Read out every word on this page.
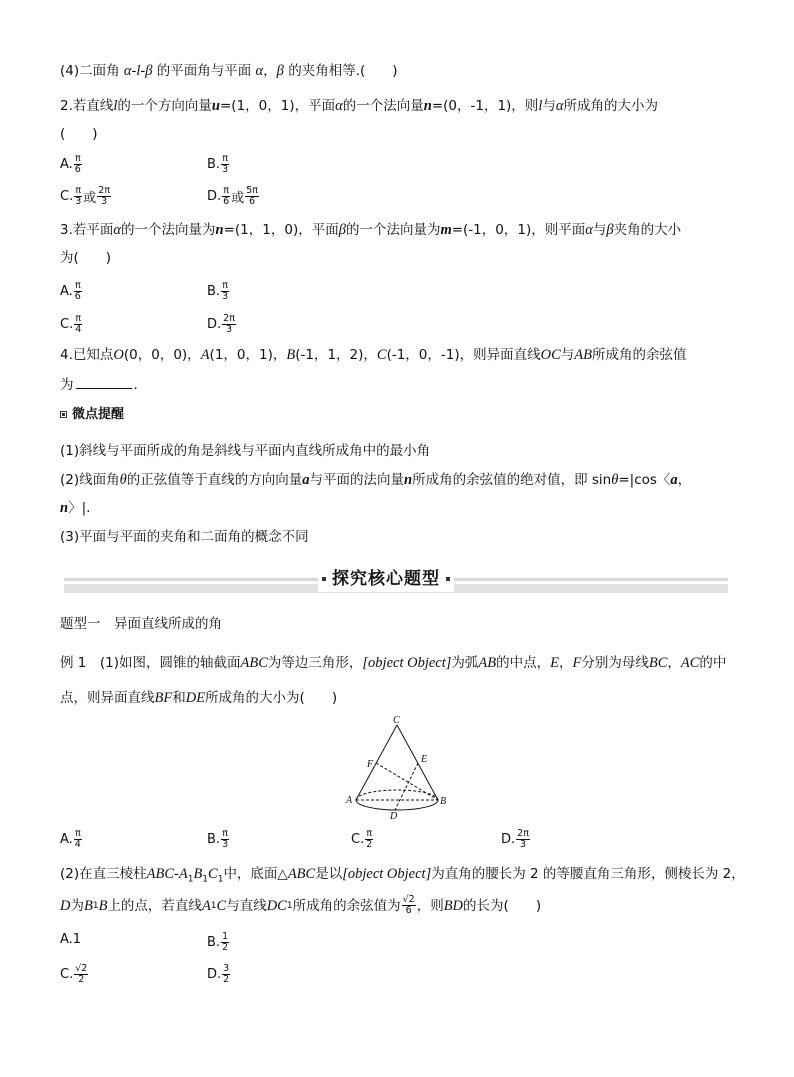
(4)二面角 α-l-β 的平面角与平面 α，β 的夹角相等.(　　)
2.若直线l的一个方向向量u=(1，0，1)，平面α的一个法向量n=(0，-1，1)，则l与α所成角的大小为
(　　)
A. $\frac{\pi}{6}$	B. $\frac{\pi}{3}$
C. $\frac{\pi}{3}$ 或 $\frac{2\pi}{3}$	D. $\frac{\pi}{6}$ 或 $\frac{5\pi}{6}$
3.若平面α的一个法向量为n=(1，1，0)，平面β的一个法向量为m=(-1，0，1)，则平面α与β夹角的大小
为(　　)
A. $\frac{\pi}{6}$	B. $\frac{\pi}{3}$
C. $\frac{\pi}{4}$	D. $\frac{2\pi}{3}$
4.已知点O(0，0，0)，A(1，0，1)，B(-1，1，2)，C(-1，0，-1)，则异面直线OC与AB所成角的余弦值
为	.
微点提醒
(1)斜线与平面所成的角是斜线与平面内直线所成角中的最小角
(2)线面角θ的正弦值等于直线的方向向量a与平面的法向量n所成角的余弦值的绝对值，即 sinθ=|cos〈a，
n〉|.
(3)平面与平面的夹角和二面角的概念不同
探究核心题型
题型一　异面直线所成的角
例 1　(1)如图，圆锥的轴截面ABC为等边三角形，[object Object]为弧AB的中点，E，F分别为母线BC，AC的中
点，则异面直线BF和DE所成角的大小为(　　)
C
E
F
A	B
D
A. $\frac{\pi}{4}$	B. $\frac{\pi}{3}$	C. $\frac{\pi}{2}$	D. $\frac{2\pi}{3}$
(2)在直三棱柱ABC-$A_1B_1C_1$中，底面△ABC是以[object Object]为直角的腰长为 2 的等腰直角三角形，侧棱长为 2，
D 为 B 1 B 上的点，若直线 A 1 C 与直线 DC 1 所成角的余弦值为 $\frac{√2}{6}$ ，则 BD 的长为(　　)
A. 1	B. $\frac{1}{2}$
C. $\frac{√2}{2}$	D. $\frac{3}{2}$
